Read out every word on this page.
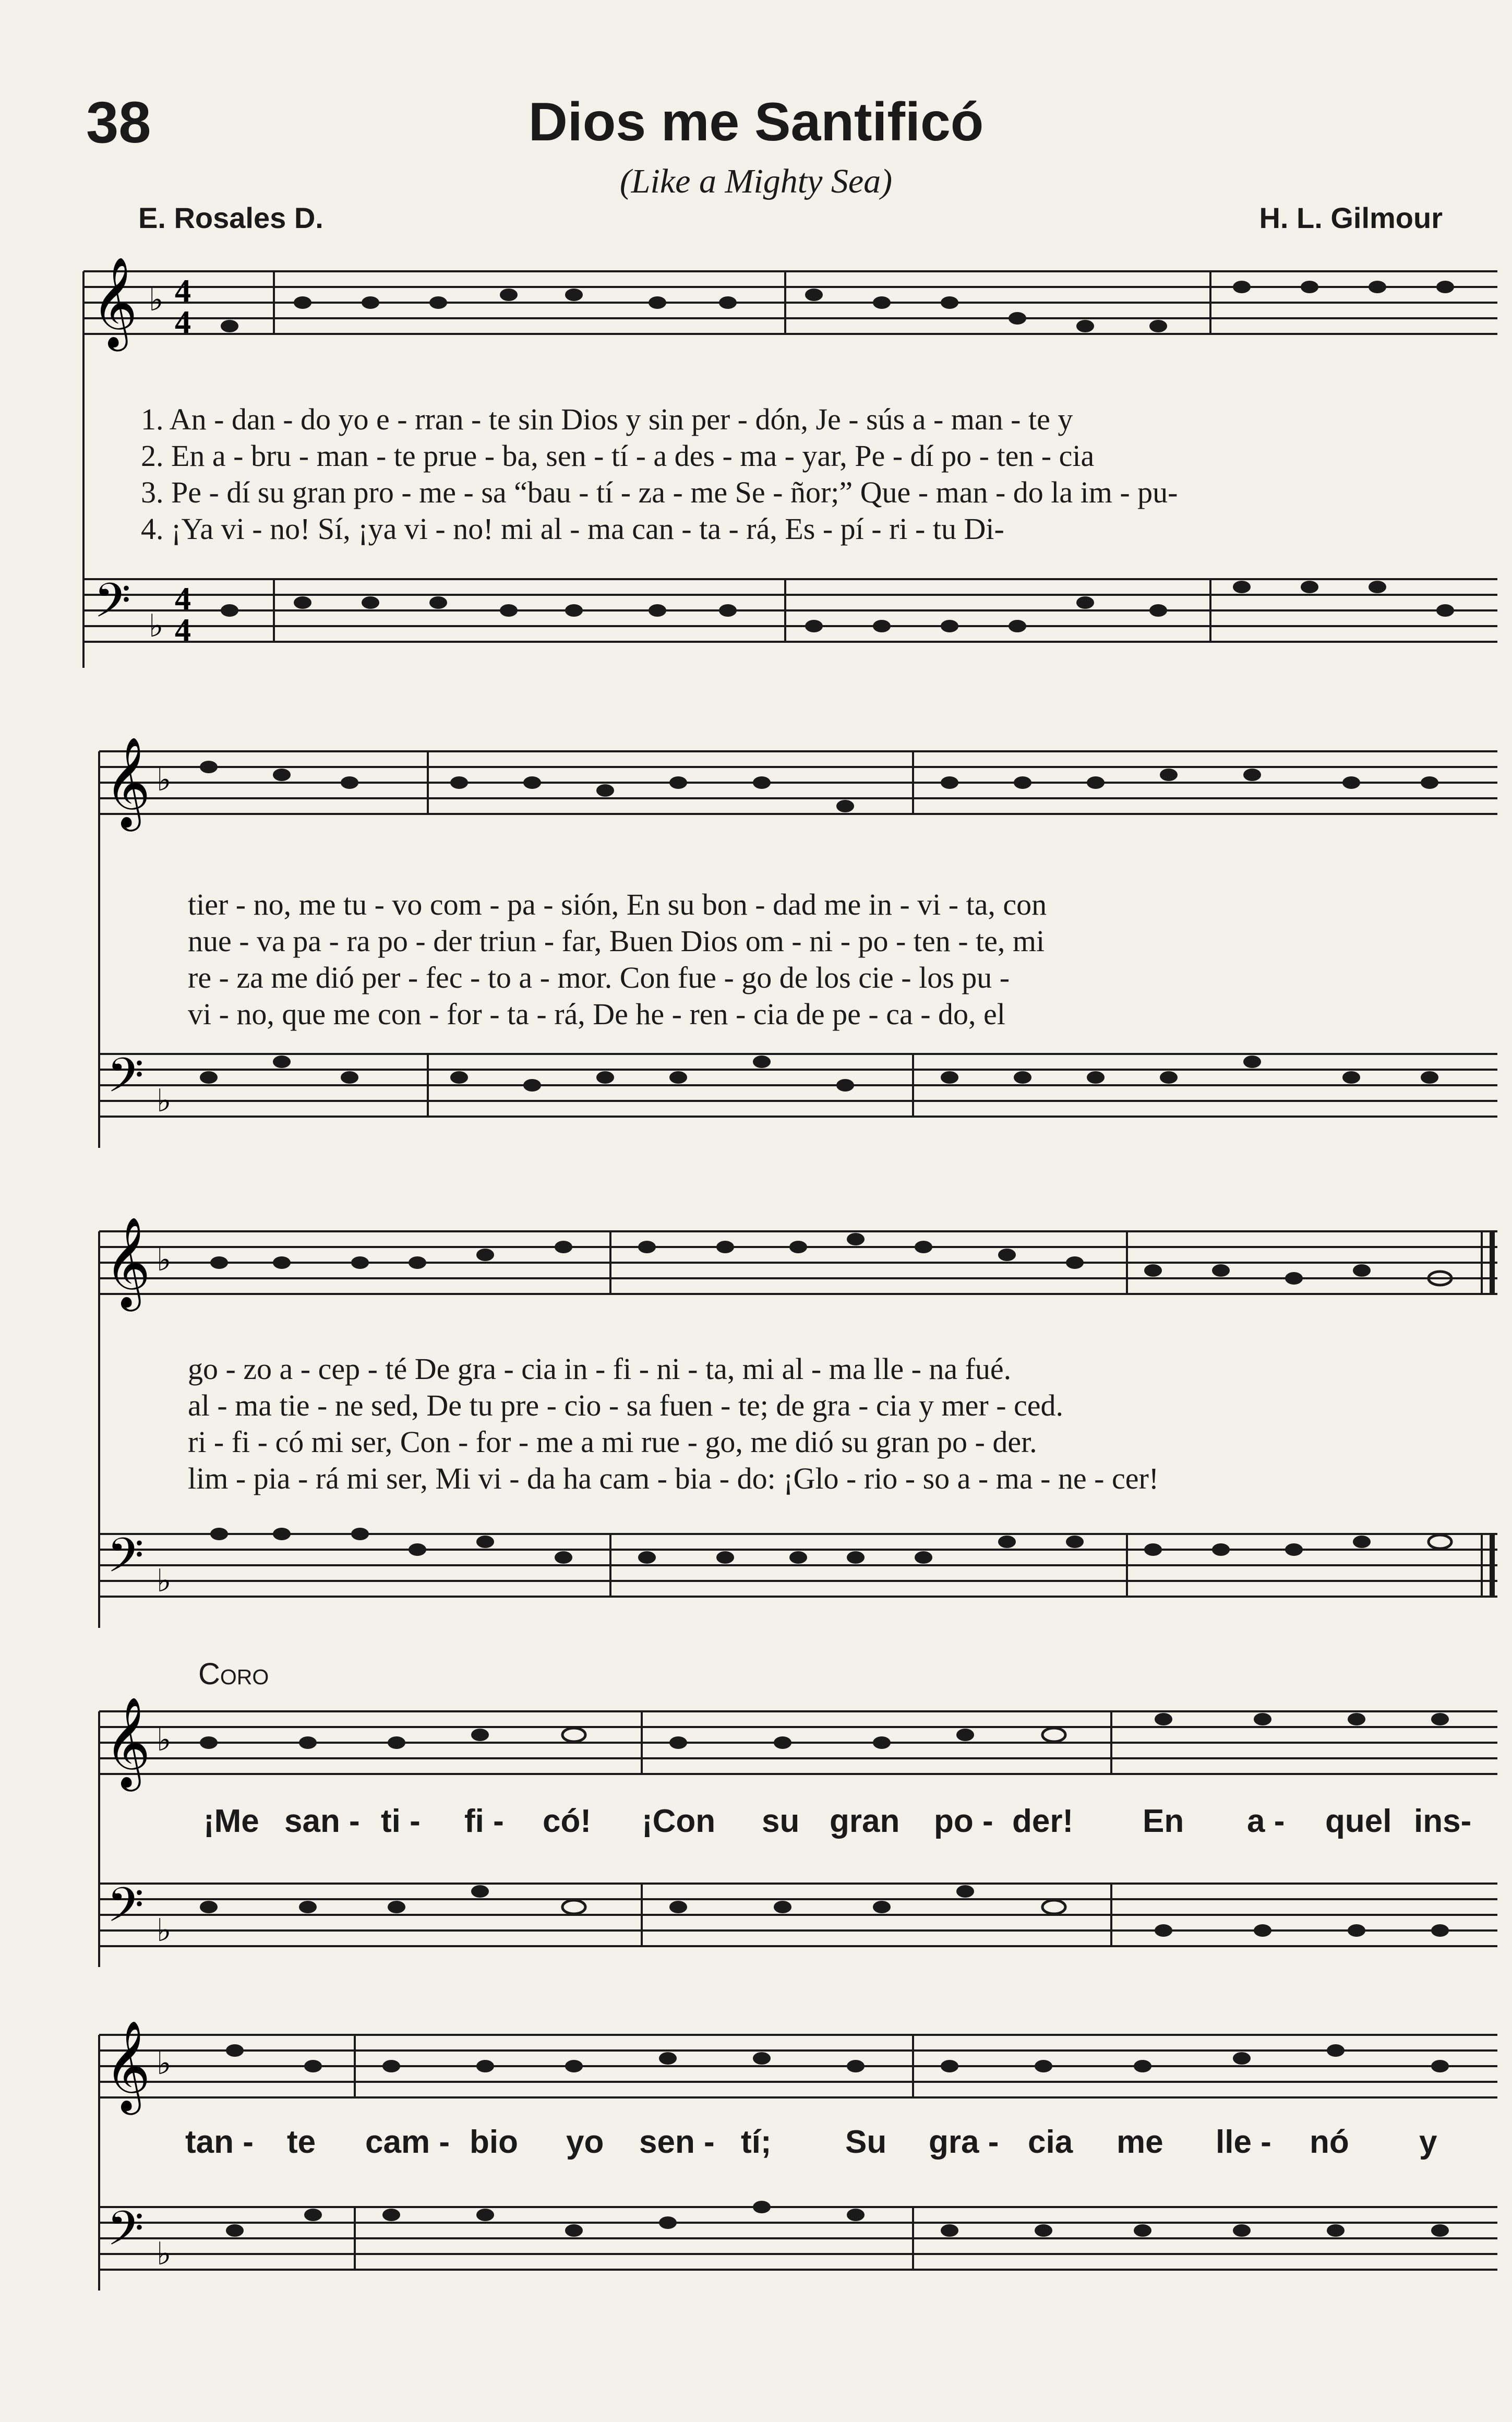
38	Dios me Santificó
(Like a Mighty Sea)
E. Rosales D.	H. L. Gilmour
𝄞 ♭ 4
4
𝄢 ♭
4
4
1. An - dan - do yo e - rran - te sin Dios y sin per - dón, Je - sús a - man - te y
2. En a - bru - man - te prue - ba, sen - tí - a des - ma - yar, Pe - dí po - ten - cia
3. Pe - dí su gran pro - me - sa “bau - tí - za - me Se - ñor;” Que - man - do la im - pu-
4. ¡Ya vi - no! Sí, ¡ya vi - no! mi al - ma can - ta - rá, Es - pí - ri - tu Di-
𝄞 ♭
𝄢 ♭
tier - no, me tu - vo com - pa - sión, En su bon - dad me in - vi - ta, con
nue - va pa - ra po - der triun - far, Buen Dios om - ni - po - ten - te, mi
re - za me dió per - fec - to a - mor. Con fue - go de los cie - los pu -
vi - no, que me con - for - ta - rá, De he - ren - cia de pe - ca - do, el
𝄞 ♭
𝄢 ♭
go - zo a - cep - té De gra - cia in - fi - ni - ta, mi al - ma lle - na fué.
al - ma tie - ne sed, De tu pre - cio - sa fuen - te; de gra - cia y mer - ced.
ri - fi - có mi ser, Con - for - me a mi rue - go, me dió su gran po - der.
lim - pia - rá mi ser, Mi vi - da ha cam - bia - do: ¡Glo - rio - so a - ma - ne - cer!
Coro
𝄞 ♭
¡Me san - ti - fi - có! ¡Con su gran po - der! En a - quel ins-
𝄢 ♭
𝄞 ♭
tan - te cam - bio yo sen - tí; Su gra - cia me lle - nó y
𝄢 ♭
